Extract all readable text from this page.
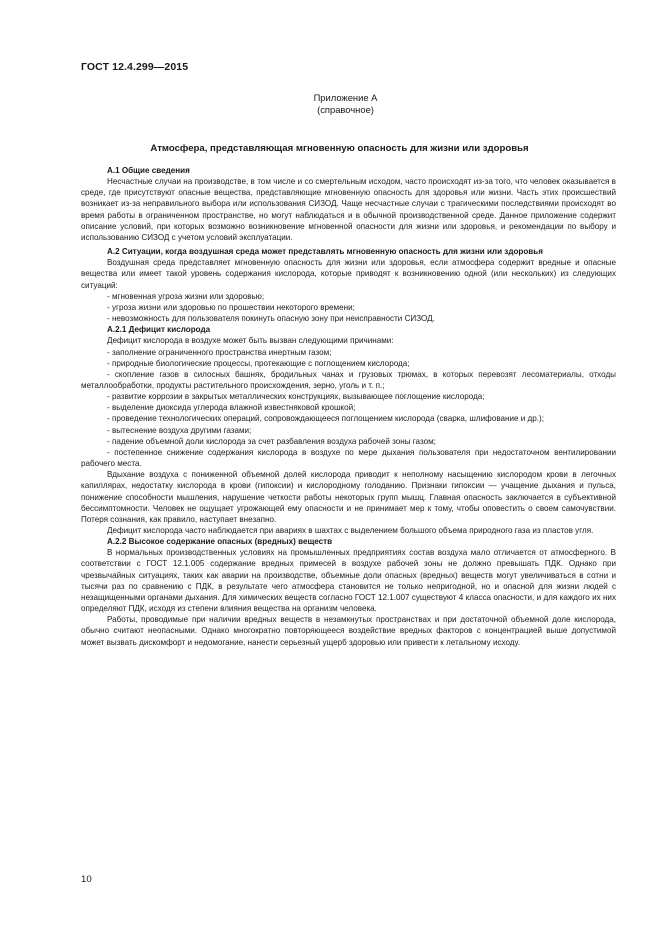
ГОСТ 12.4.299—2015
Приложение А
(справочное)
Атмосфера, представляющая мгновенную опасность для жизни или здоровья

А.1 Общие сведения

Несчастные случаи на производстве, в том числе и со смертельным исходом, часто происходят из-за того, что человек оказывается в среде, где присутствуют опасные вещества, представляющие мгновенную опасность для здоровья или жизни. Часть этих происшествий возникает из-за неправильного выбора или использования СИЗОД. Чаще несчастные случаи с трагическими последствиями происходят во время работы в ограниченном пространстве, но могут наблюдаться и в обычной производственной среде. Данное приложение содержит описание условий, при которых возможно возникновение мгновенной опасности для жизни или здоровья, и рекомендации по выбору и использованию СИЗОД с учетом условий эксплуатации.

А.2 Ситуации, когда воздушная среда может представлять мгновенную опасность для жизни или здоровья

Воздушная среда представляет мгновенную опасность для жизни или здоровья, если атмосфера содержит вредные и опасные вещества или имеет такой уровень содержания кислорода, которые приводят к возникновению одной (или нескольких) из следующих ситуаций:

- мгновенная угроза жизни или здоровью;

- угроза жизни или здоровью по прошествии некоторого времени;

- невозможность для пользователя покинуть опасную зону при неисправности СИЗОД.

А.2.1 Дефицит кислорода

Дефицит кислорода в воздухе может быть вызван следующими причинами:

- заполнение ограниченного пространства инертным газом;

- природные биологические процессы, протекающие с поглощением кислорода;

- скопление газов в силосных башнях, бродильных чанах и грузовых трюмах, в которых перевозят лесоматериалы, отходы металлообработки, продукты растительного происхождения, зерно, уголь и т. п.;

- развитие коррозии в закрытых металлических конструкциях, вызывающее поглощение кислорода;

- выделение диоксида углерода влажной известняковой крошкой;

- проведение технологических операций, сопровождающееся поглощением кислорода (сварка, шлифование и др.);

- вытеснение воздуха другими газами;

- падение объемной доли кислорода за счет разбавления воздуха рабочей зоны газом;

- постепенное снижение содержания кислорода в воздухе по мере дыхания пользователя при недостаточном вентилировании рабочего места.

Вдыхание воздуха с пониженной объемной долей кислорода приводит к неполному насыщению кислородом крови в легочных капиллярах, недостатку кислорода в крови (гипоксии) и кислородному голоданию. Признаки гипоксии — учащение дыхания и пульса, понижение способности мышления, нарушение четкости работы некоторых групп мышц. Главная опасность заключается в субъективной бессимптомности. Человек не ощущает угрожающей ему опасности и не принимает мер к тому, чтобы оповестить о своем самочувствии. Потеря сознания, как правило, наступает внезапно.

Дефицит кислорода часто наблюдается при авариях в шахтах с выделением большого объема природного газа из пластов угля.

А.2.2 Высокое содержание опасных (вредных) веществ

В нормальных производственных условиях на промышленных предприятиях состав воздуха мало отличается от атмосферного. В соответствии с ГОСТ 12.1.005 содержание вредных примесей в воздухе рабочей зоны не должно превышать ПДК. Однако при чрезвычайных ситуациях, таких как аварии на производстве, объемные доли опасных (вредных) веществ могут увеличиваться в сотни и тысячи раз по сравнению с ПДК, в результате чего атмосфера становится не только непригодной, но и опасной для жизни людей с незащищенными органами дыхания. Для химических веществ согласно ГОСТ 12.1.007 существуют 4 класса опасности, и для каждого их них определяют ПДК, исходя из степени влияния вещества на организм человека.

Работы, проводимые при наличии вредных веществ в незамкнутых пространствах и при достаточной объемной доле кислорода, обычно считают неопасными. Однако многократно повторяющееся воздействие вредных факторов с концентрацией выше допустимой может вызвать дискомфорт и недомогание, нанести серьезный ущерб здоровью или привести к летальному исходу.

10
